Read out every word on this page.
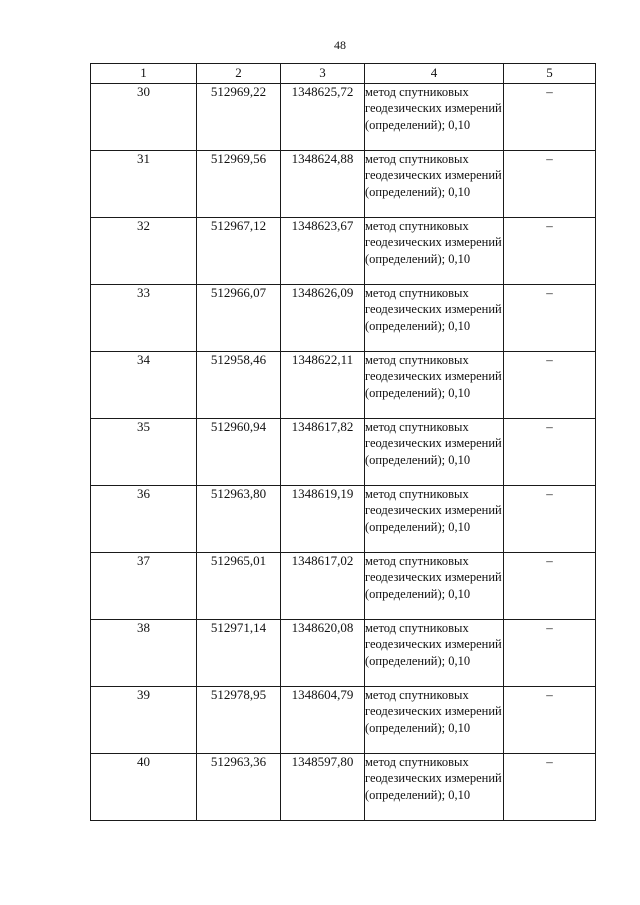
48
1	2	3	4	5
30	512969,22	1348625,72	метод спутниковых геодезических измерений (определений); 0,10	–
31	512969,56	1348624,88	метод спутниковых геодезических измерений (определений); 0,10	–
32	512967,12	1348623,67	метод спутниковых геодезических измерений (определений); 0,10	–
33	512966,07	1348626,09	метод спутниковых геодезических измерений (определений); 0,10	–
34	512958,46	1348622,11	метод спутниковых геодезических измерений (определений); 0,10	–
35	512960,94	1348617,82	метод спутниковых геодезических измерений (определений); 0,10	–
36	512963,80	1348619,19	метод спутниковых геодезических измерений (определений); 0,10	–
37	512965,01	1348617,02	метод спутниковых геодезических измерений (определений); 0,10	–
38	512971,14	1348620,08	метод спутниковых геодезических измерений (определений); 0,10	–
39	512978,95	1348604,79	метод спутниковых геодезических измерений (определений); 0,10	–
40	512963,36	1348597,80	метод спутниковых геодезических измерений (определений); 0,10	–
